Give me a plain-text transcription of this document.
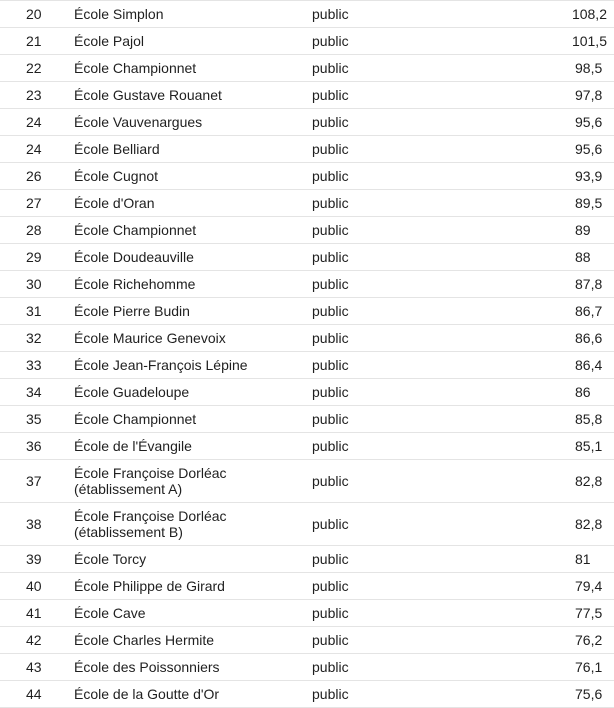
20	École Simplon	public	108,2
21	École Pajol	public	101,5
22	École Championnet	public	98,5
23	École Gustave Rouanet	public	97,8
24	École Vauvenargues	public	95,6
24	École Belliard	public	95,6
26	École Cugnot	public	93,9
27	École d'Oran	public	89,5
28	École Championnet	public	89
29	École Doudeauville	public	88
30	École Richehomme	public	87,8
31	École Pierre Budin	public	86,7
32	École Maurice Genevoix	public	86,6
33	École Jean-François Lépine	public	86,4
34	École Guadeloupe	public	86
35	École Championnet	public	85,8
36	École de l'Évangile	public	85,1
37	École Françoise Dorléac (établissement A)	public	82,8
38	École Françoise Dorléac (établissement B)	public	82,8
39	École Torcy	public	81
40	École Philippe de Girard	public	79,4
41	École Cave	public	77,5
42	École Charles Hermite	public	76,2
43	École des Poissonniers	public	76,1
44	École de la Goutte d'Or	public	75,6
